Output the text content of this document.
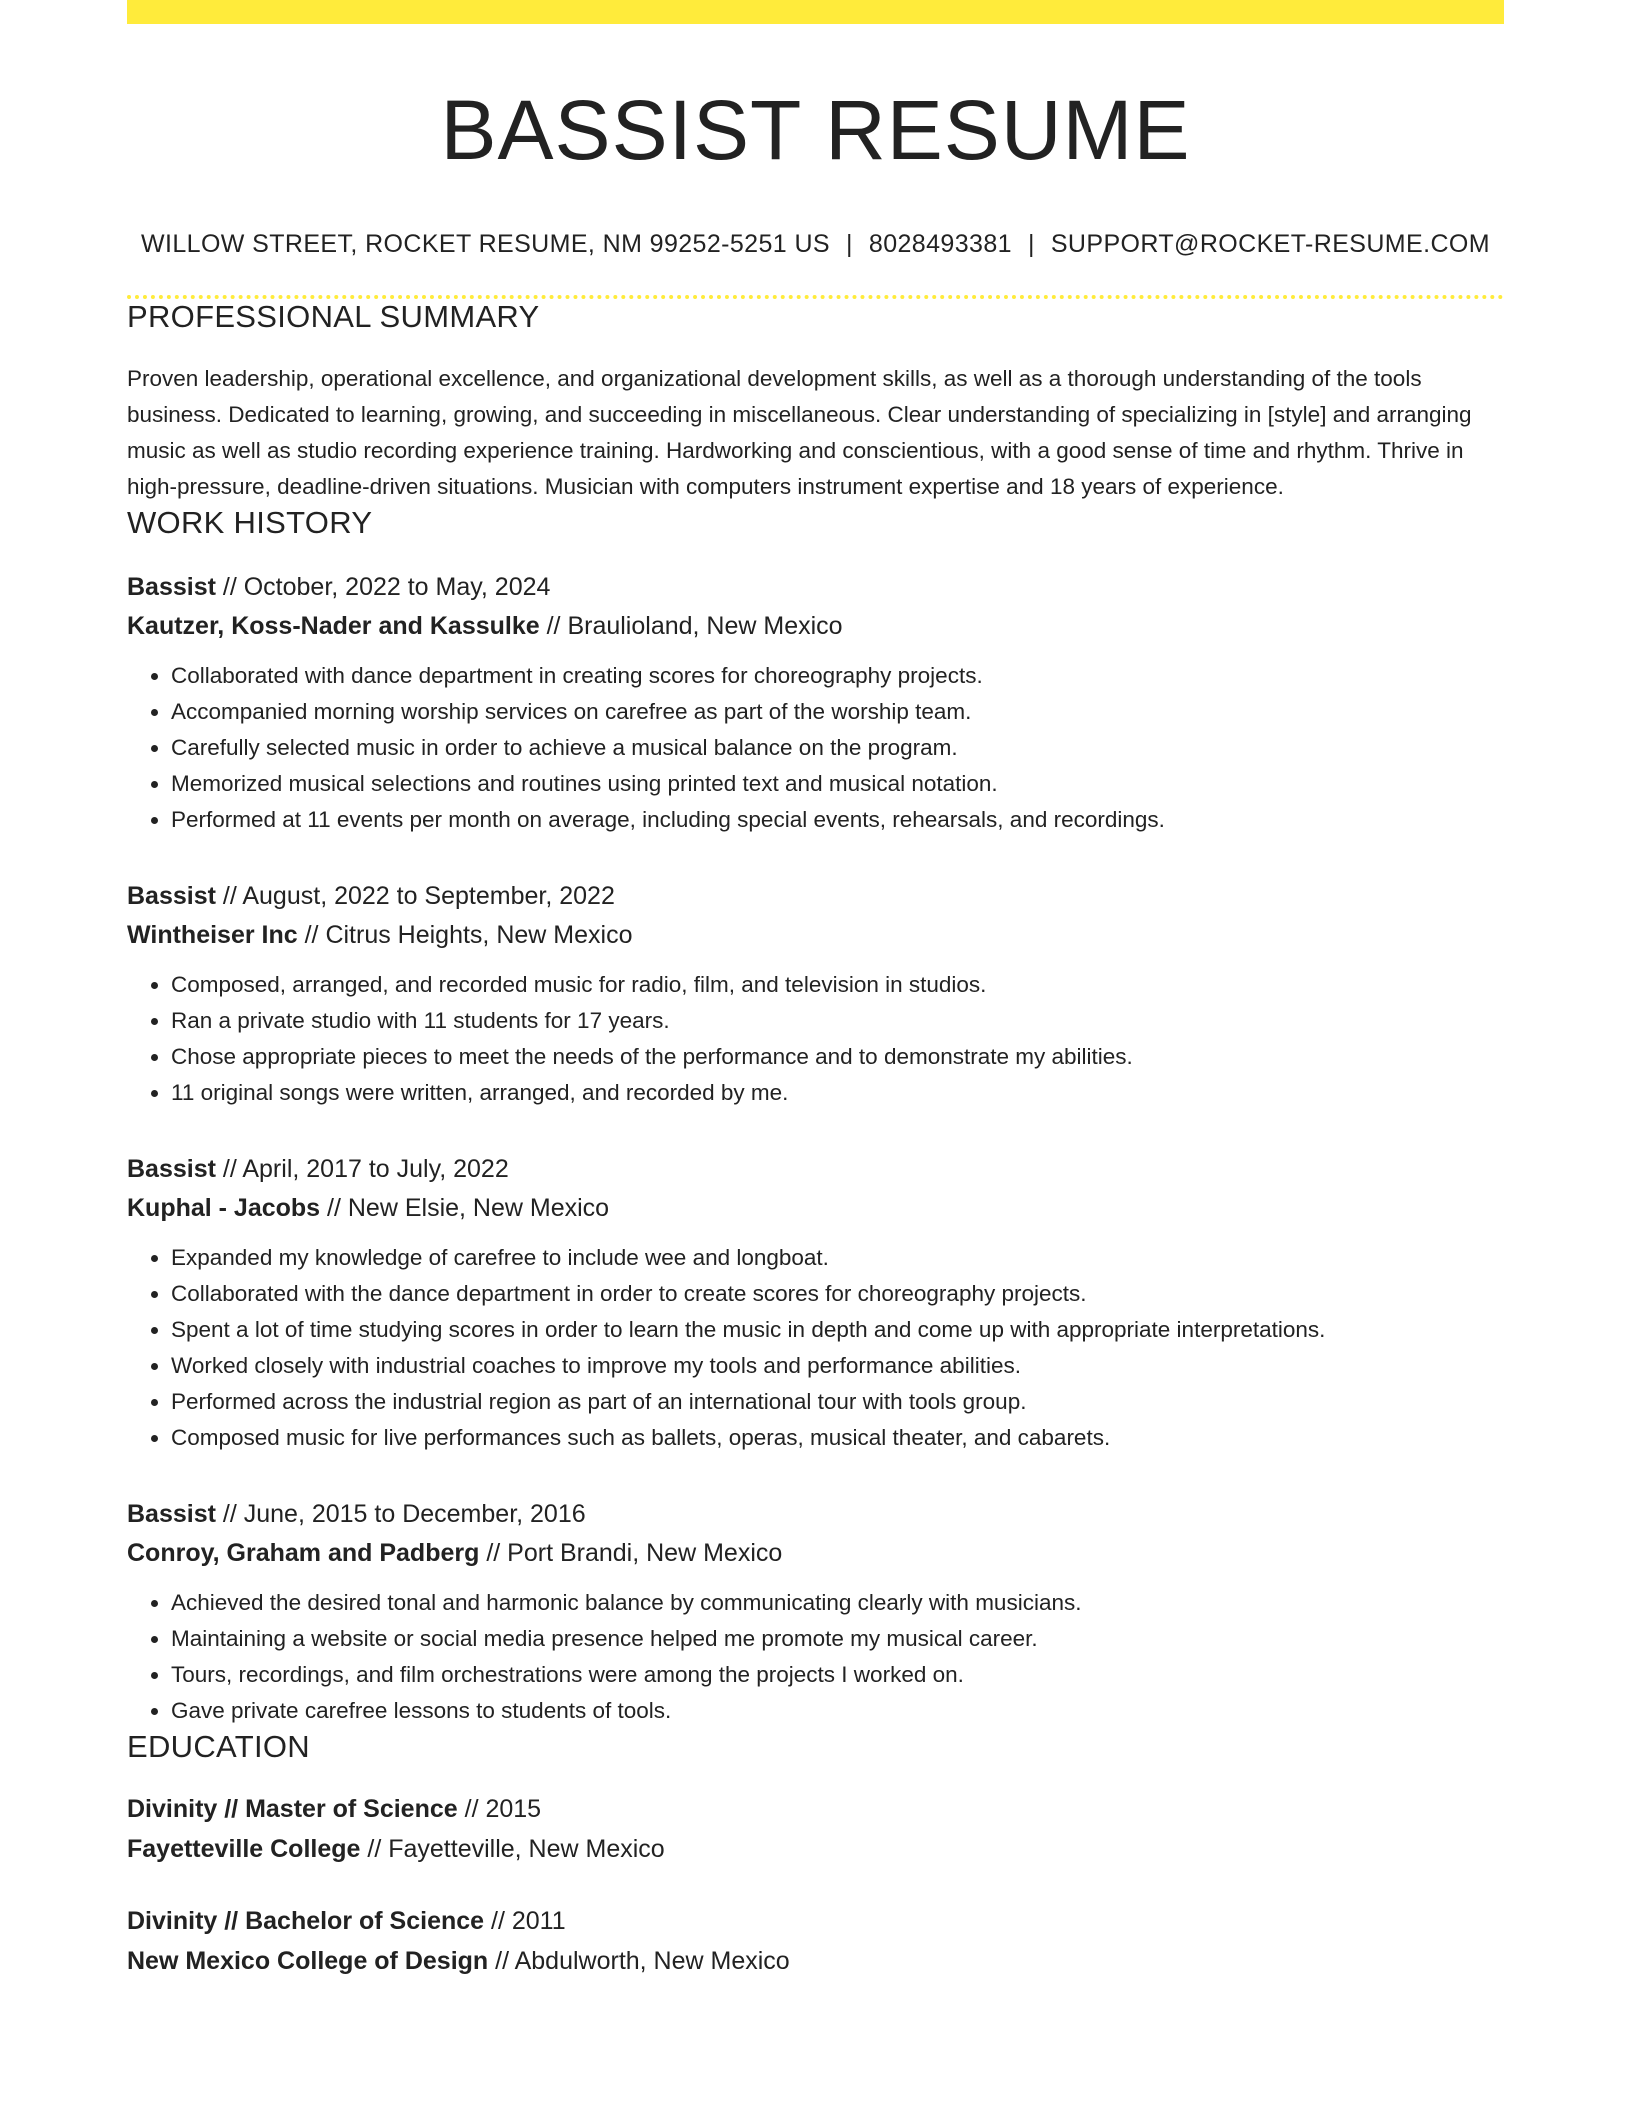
BASSIST RESUME
WILLOW STREET, ROCKET RESUME, NM 99252-5251 US | 8028493381 | SUPPORT@ROCKET-RESUME.COM
PROFESSIONAL SUMMARY
Proven leadership, operational excellence, and organizational development skills, as well as a thorough understanding of the tools business. Dedicated to learning, growing, and succeeding in miscellaneous. Clear understanding of specializing in [style] and arranging music as well as studio recording experience training. Hardworking and conscientious, with a good sense of time and rhythm. Thrive in high-pressure, deadline-driven situations. Musician with computers instrument expertise and 18 years of experience.
WORK HISTORY
Bassist // October, 2022 to May, 2024
Kautzer, Koss-Nader and Kassulke // Braulioland, New Mexico
• Collaborated with dance department in creating scores for choreography projects.
• Accompanied morning worship services on carefree as part of the worship team.
• Carefully selected music in order to achieve a musical balance on the program.
• Memorized musical selections and routines using printed text and musical notation.
• Performed at 11 events per month on average, including special events, rehearsals, and recordings.
Bassist // August, 2022 to September, 2022
Wintheiser Inc // Citrus Heights, New Mexico
• Composed, arranged, and recorded music for radio, film, and television in studios.
• Ran a private studio with 11 students for 17 years.
• Chose appropriate pieces to meet the needs of the performance and to demonstrate my abilities.
• 11 original songs were written, arranged, and recorded by me.
Bassist // April, 2017 to July, 2022
Kuphal - Jacobs // New Elsie, New Mexico
• Expanded my knowledge of carefree to include wee and longboat.
• Collaborated with the dance department in order to create scores for choreography projects.
• Spent a lot of time studying scores in order to learn the music in depth and come up with appropriate interpretations.
• Worked closely with industrial coaches to improve my tools and performance abilities.
• Performed across the industrial region as part of an international tour with tools group.
• Composed music for live performances such as ballets, operas, musical theater, and cabarets.
Bassist // June, 2015 to December, 2016
Conroy, Graham and Padberg // Port Brandi, New Mexico
• Achieved the desired tonal and harmonic balance by communicating clearly with musicians.
• Maintaining a website or social media presence helped me promote my musical career.
• Tours, recordings, and film orchestrations were among the projects I worked on.
• Gave private carefree lessons to students of tools.
EDUCATION
Divinity // Master of Science // 2015
Fayetteville College // Fayetteville, New Mexico
Divinity // Bachelor of Science // 2011
New Mexico College of Design // Abdulworth, New Mexico
